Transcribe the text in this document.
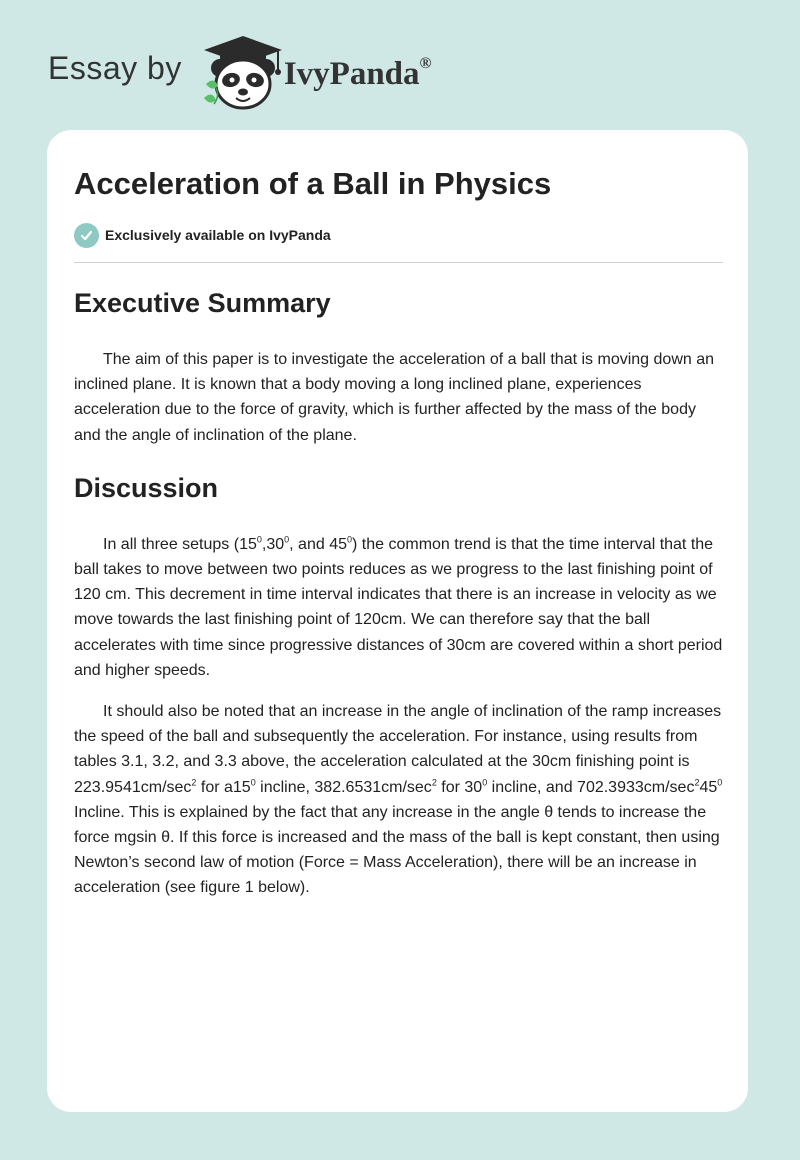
Essay by	IvyPanda®
Acceleration of a Ball in Physics
Exclusively available on IvyPanda
Executive Summary

The aim of this paper is to investigate the acceleration of a ball that is moving down an inclined plane. It is known that a body moving a long inclined plane, experiences acceleration due to the force of gravity, which is further affected by the mass of the body and the angle of inclination of the plane.

Discussion

In all three setups ($15^0,30^0$, and $45^0$) the common trend is that the time interval that the ball takes to move between two points reduces as we progress to the last finishing point of 120 cm. This decrement in time interval indicates that there is an increase in velocity as we move towards the last finishing point of 120cm. We can therefore say that the ball accelerates with time since progressive distances of 30cm are covered within a short period and higher speeds.

It should also be noted that an increase in the angle of inclination of the ramp increases the speed of the ball and subsequently the acceleration. For instance, using results from tables 3.1, 3.2, and 3.3 above, the acceleration calculated at the 30cm finishing point is $223.9541cm/\sec^2$ for $a15^0$ incline, $382.6531cm/\sec^2$ for $30^0$ incline, and $702.3933cm/\sec^245^0$ Incline. This is explained by the fact that any increase in the angle θ tends to increase the force mgsin θ. If this force is increased and the mass of the ball is kept constant, then using Newton’s second law of motion (Force = Mass Acceleration), there will be an increase in acceleration (see figure 1 below).
